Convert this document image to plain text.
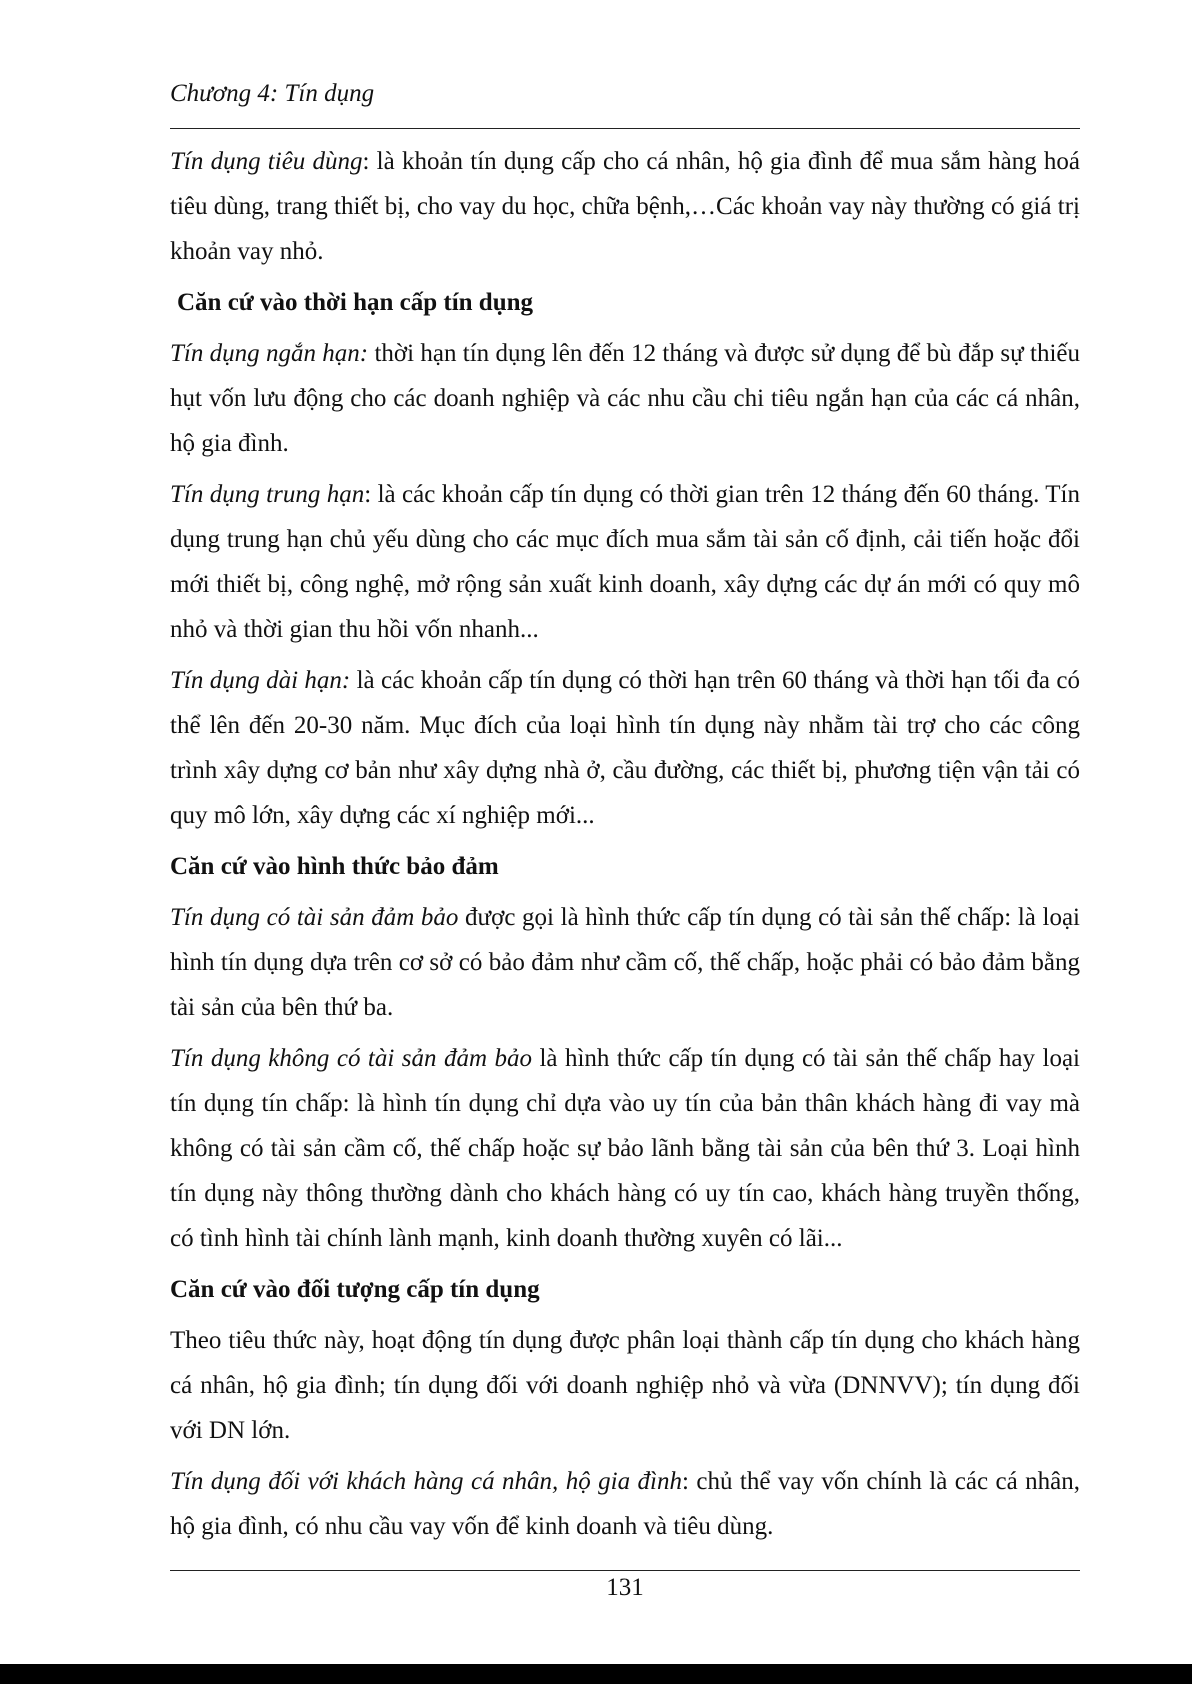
Chương 4: Tín dụng

Tín dụng tiêu dùng: là khoản tín dụng cấp cho cá nhân, hộ gia đình để mua sắm hàng hoá tiêu dùng, trang thiết bị, cho vay du học, chữa bệnh,…Các khoản vay này thường có giá trị khoản vay nhỏ.

Căn cứ vào thời hạn cấp tín dụng

Tín dụng ngắn hạn: thời hạn tín dụng lên đến 12 tháng và được sử dụng để bù đắp sự thiếu hụt vốn lưu động cho các doanh nghiệp và các nhu cầu chi tiêu ngắn hạn của các cá nhân, hộ gia đình.

Tín dụng trung hạn: là các khoản cấp tín dụng có thời gian trên 12 tháng đến 60 tháng. Tín dụng trung hạn chủ yếu dùng cho các mục đích mua sắm tài sản cố định, cải tiến hoặc đổi mới thiết bị, công nghệ, mở rộng sản xuất kinh doanh, xây dựng các dự án mới có quy mô nhỏ và thời gian thu hồi vốn nhanh...

Tín dụng dài hạn: là các khoản cấp tín dụng có thời hạn trên 60 tháng và thời hạn tối đa có thể lên đến 20-30 năm. Mục đích của loại hình tín dụng này nhằm tài trợ cho các công trình xây dựng cơ bản như xây dựng nhà ở, cầu đường, các thiết bị, phương tiện vận tải có quy mô lớn, xây dựng các xí nghiệp mới...

Căn cứ vào hình thức bảo đảm

Tín dụng có tài sản đảm bảo được gọi là hình thức cấp tín dụng có tài sản thế chấp: là loại hình tín dụng dựa trên cơ sở có bảo đảm như cầm cố, thế chấp, hoặc phải có bảo đảm bằng tài sản của bên thứ ba.

Tín dụng không có tài sản đảm bảo là hình thức cấp tín dụng có tài sản thế chấp hay loại tín dụng tín chấp: là hình tín dụng chỉ dựa vào uy tín của bản thân khách hàng đi vay mà không có tài sản cầm cố, thế chấp hoặc sự bảo lãnh bằng tài sản của bên thứ 3. Loại hình tín dụng này thông thường dành cho khách hàng có uy tín cao, khách hàng truyền thống, có tình hình tài chính lành mạnh, kinh doanh thường xuyên có lãi...

Căn cứ vào đối tượng cấp tín dụng

Theo tiêu thức này, hoạt động tín dụng được phân loại thành cấp tín dụng cho khách hàng cá nhân, hộ gia đình; tín dụng đối với doanh nghiệp nhỏ và vừa (DNNVV); tín dụng đối với DN lớn.

Tín dụng đối với khách hàng cá nhân, hộ gia đình: chủ thể vay vốn chính là các cá nhân, hộ gia đình, có nhu cầu vay vốn để kinh doanh và tiêu dùng.

131
